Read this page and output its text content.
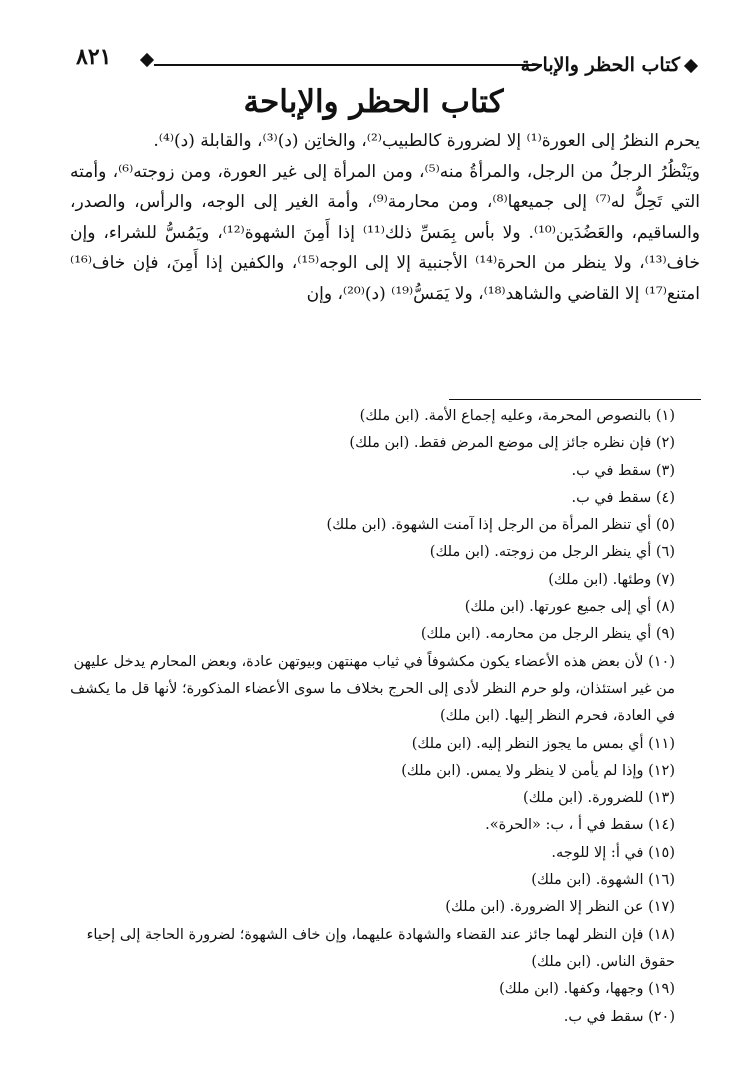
٨٢١	كتاب الحظر والإباحة
كتاب الحظر والإباحة

يحرم النظرُ إلى العورة⁽¹⁾ إلا لضرورة كالطبيب⁽²⁾، والخاتِن (د)⁽³⁾، والقابلة (د)⁽⁴⁾.

ويَنْظُرُ الرجلُ من الرجل، والمرأةُ منه⁽⁵⁾، ومن المرأة إلى غير العورة، ومن زوجته⁽⁶⁾، وأمته التي تَحِلُّ له⁽⁷⁾ إلى جميعها⁽⁸⁾، ومن محارمة⁽⁹⁾، وأمة الغير إلى الوجه، والرأس، والصدر، والساقيم، والعَضُدَين⁽¹⁰⁾. ولا بأس بِمَسِّ ذلك⁽¹¹⁾ إذا أَمِنَ الشهوة⁽¹²⁾، ويَمُسُّ للشراء، وإن خاف⁽¹³⁾، ولا ينظر من الحرة⁽¹⁴⁾ الأجنبية إلا إلى الوجه⁽¹⁵⁾، والكفين إذا أَمِنَ، فإن خاف⁽¹⁶⁾ امتنع⁽¹⁷⁾ إلا القاضي والشاهد⁽¹⁸⁾، ولا يَمَسُّ⁽¹⁹⁾ (د)⁽²⁰⁾، وإن

(١) بالنصوص المحرمة، وعليه إجماع الأمة. (ابن ملك)

(٢) فإن نظره جائز إلى موضع المرض فقط. (ابن ملك)

(٣) سقط في ب.

(٤) سقط في ب.

(٥) أي تنظر المرأة من الرجل إذا آمنت الشهوة. (ابن ملك)

(٦) أي ينظر الرجل من زوجته. (ابن ملك)

(٧) وطئها. (ابن ملك)

(٨) أي إلى جميع عورتها. (ابن ملك)

(٩) أي ينظر الرجل من محارمه. (ابن ملك)

(١٠) لأن بعض هذه الأعضاء يكون مكشوفاً في ثياب مهنتهن وبيوتهن عادة، وبعض المحارم يدخل عليهن من غير استئذان، ولو حرم النظر لأدى إلى الحرج بخلاف ما سوى الأعضاء المذكورة؛ لأنها قل ما يكشف في العادة، فحرم النظر إليها. (ابن ملك)

(١١) أي بمس ما يجوز النظر إليه. (ابن ملك)

(١٢) وإذا لم يأمن لا ينظر ولا يمس. (ابن ملك)

(١٣) للضرورة. (ابن ملك)

(١٤) سقط في أ ، ب: «الحرة».

(١٥) في أ: إلا للوجه.

(١٦) الشهوة. (ابن ملك)

(١٧) عن النظر إلا الضرورة. (ابن ملك)

(١٨) فإن النظر لهما جائز عند القضاء والشهادة عليهما، وإن خاف الشهوة؛ لضرورة الحاجة إلى إحياء حقوق الناس. (ابن ملك)

(١٩) وجهها، وكفها. (ابن ملك)

(٢٠) سقط في ب.
